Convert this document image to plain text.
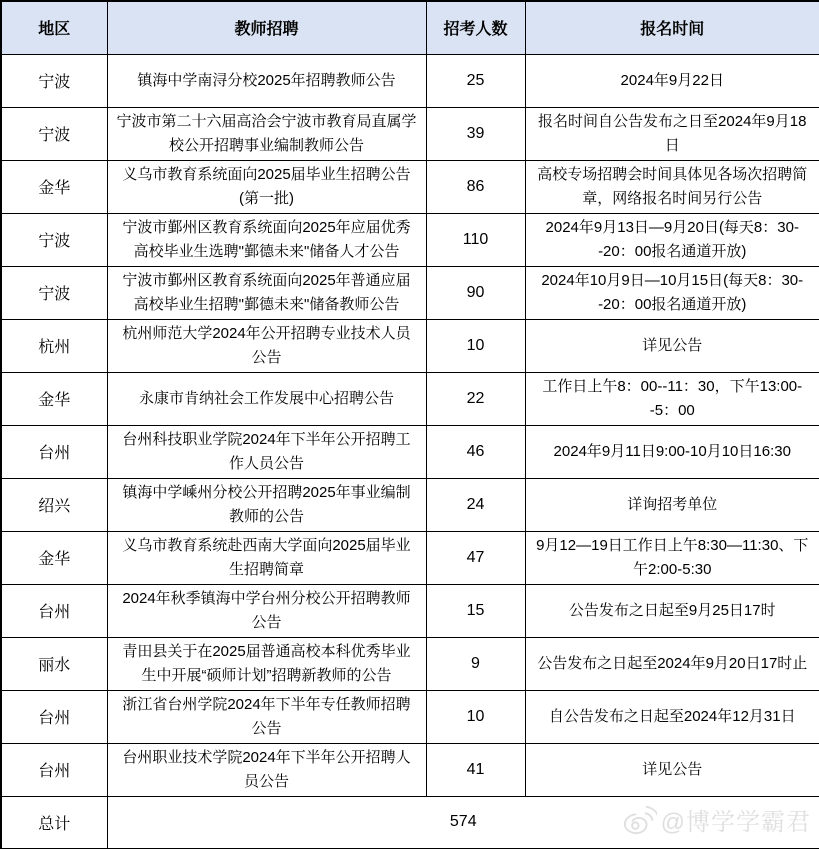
地区	教师招聘	招考人数	报名时间
宁波	镇海中学南浔分校2025年招聘教师公告	25	2024年9月22日
宁波	宁波市第二十六届高洽会宁波市教育局直属学校公开招聘事业编制教师公告	39	报名时间自公告发布之日至2024年9月18日
金华	义乌市教育系统面向2025届毕业生招聘公告(第一批)	86	高校专场招聘会时间具体见各场次招聘简章，网络报名时间另行公告
宁波	宁波市鄞州区教育系统面向2025年应届优秀高校毕业生选聘"鄞德未来"储备人才公告	110	2024年9月13日—9月20日(每天8：30--20：00报名通道开放)
宁波	宁波市鄞州区教育系统面向2025年普通应届高校毕业生招聘"鄞德未来"储备教师公告	90	2024年10月9日—10月15日(每天8：30--20：00报名通道开放)
杭州	杭州师范大学2024年公开招聘专业技术人员公告	10	详见公告
金华	永康市肯纳社会工作发展中心招聘公告	22	工作日上午8：00--11：30，下午13:00--5：00
台州	台州科技职业学院2024年下半年公开招聘工作人员公告	46	2024年9月11日9:00-10月10日16:30
绍兴	镇海中学嵊州分校公开招聘2025年事业编制教师的公告	24	详询招考单位
金华	义乌市教育系统赴西南大学面向2025届毕业生招聘简章	47	9月12—19日工作日上午8:30—11:30、下午2:00-5:30
台州	2024年秋季镇海中学台州分校公开招聘教师公告	15	公告发布之日起至9月25日17时
丽水	青田县关于在2025届普通高校本科优秀毕业生中开展“硕师计划”招聘新教师的公告	9	公告发布之日起至2024年9月20日17时止
台州	浙江省台州学院2024年下半年专任教师招聘公告	10	自公告发布之日起至2024年12月31日
台州	台州职业技术学院2024年下半年公开招聘人员公告	41	详见公告
总计	574			@博学学霸君
